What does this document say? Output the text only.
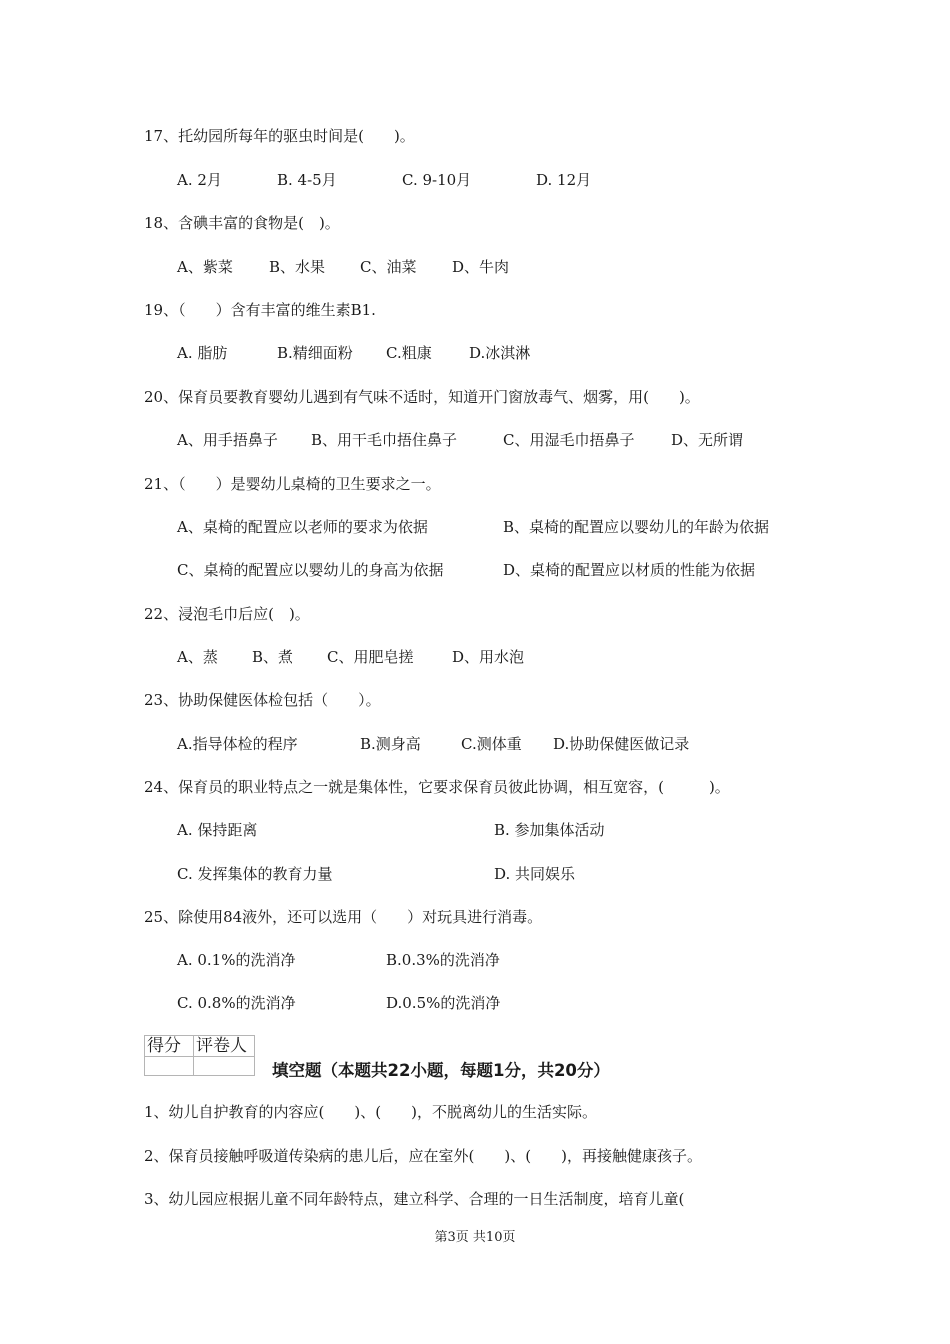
17、托幼园所每年的驱虫时间是(　　)。
A. 2月	B. 4-5月	C. 9-10月	D. 12月
18、含碘丰富的食物是(　)。
A、紫菜 B、水果 C、油菜 D、牛肉
19、（　　）含有丰富的维生素B1.
A. 脂肪	B.精细面粉 C.粗康 D.冰淇淋
20、保育员要教育婴幼儿遇到有气味不适时，知道开门窗放毒气、烟雾，用(　　)。
A、用手捂鼻子 B、用干毛巾捂住鼻子	C、用湿毛巾捂鼻子 D、无所谓
21、（　　）是婴幼儿桌椅的卫生要求之一。
A、桌椅的配置应以老师的要求为依据	B、桌椅的配置应以婴幼儿的年龄为依据
C、桌椅的配置应以婴幼儿的身高为依据	D、桌椅的配置应以材质的性能为依据
22、浸泡毛巾后应(　)。
A、蒸 B、煮 C、用肥皂搓	D、用水泡
23、协助保健医体检包括（　　）。
A.指导体检的程序	B.测身高	C.测体重 D.协助保健医做记录
24、保育员的职业特点之一就是集体性，它要求保育员彼此协调，相互宽容，(　　　)。
A. 保持距离	B. 参加集体活动
C. 发挥集体的教育力量	D. 共同娱乐
25、除使用84液外，还可以选用（　　）对玩具进行消毒。
A. 0.1%的洗消净	B.0.3%的洗消净
C. 0.8%的洗消净	D.0.5%的洗消净
得分	评卷人

填空题（本题共22小题，每题1分，共20分）
1、幼儿自护教育的内容应(　　)、(　　)，不脱离幼儿的生活实际。
2、保育员接触呼吸道传染病的患儿后，应在室外(　　)、(　　)，再接触健康孩子。
3、幼儿园应根据儿童不同年龄特点，建立科学、合理的一日生活制度，培育儿童(
第3页 共10页
